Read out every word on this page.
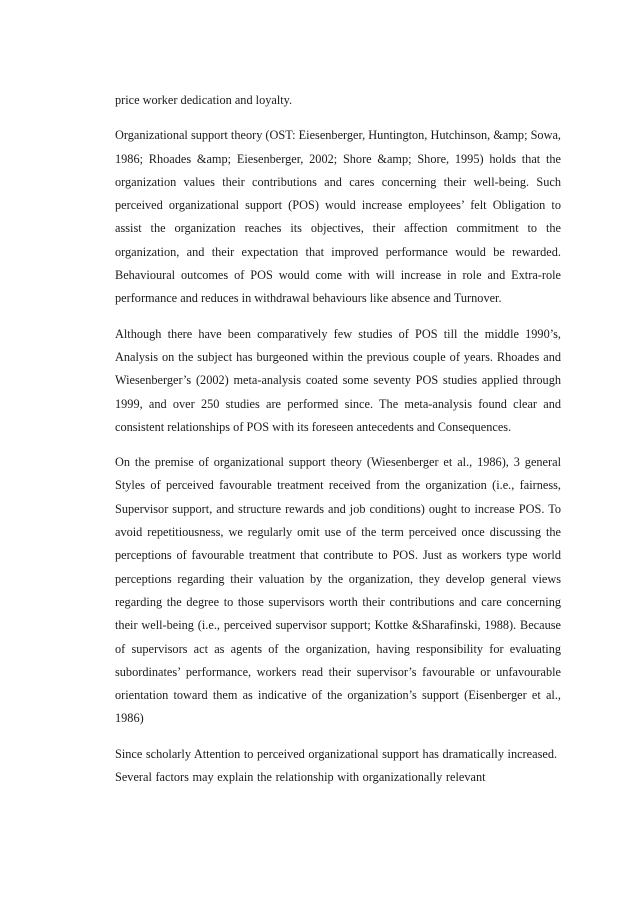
price worker dedication and loyalty.

Organizational support theory (OST: Eiesenberger, Huntington, Hutchinson, &amp; Sowa, 1986; Rhoades &amp; Eiesenberger, 2002; Shore &amp; Shore, 1995) holds that the organization values their contributions and cares concerning their well-being. Such perceived organizational support (POS) would increase employees’ felt Obligation to assist the organization reaches its objectives, their affection commitment to the organization, and their expectation that improved performance would be rewarded. Behavioural outcomes of POS would come with will increase in role and Extra-role performance and reduces in withdrawal behaviours like absence and Turnover.

Although there have been comparatively few studies of POS till the middle 1990’s, Analysis on the subject has burgeoned within the previous couple of years. Rhoades and Wiesenberger’s (2002) meta-analysis coated some seventy POS studies applied through 1999, and over 250 studies are performed since. The meta-analysis found clear and consistent relationships of POS with its foreseen antecedents and Consequences.

On the premise of organizational support theory (Wiesenberger et al., 1986), 3 general Styles of perceived favourable treatment received from the organization (i.e., fairness, Supervisor support, and structure rewards and job conditions) ought to increase POS. To avoid repetitiousness, we regularly omit use of the term perceived once discussing the perceptions of favourable treatment that contribute to POS. Just as workers type world perceptions regarding their valuation by the organization, they develop general views regarding the degree to those supervisors worth their contributions and care concerning their well-being (i.e., perceived supervisor support; Kottke &Sharafinski, 1988). Because of supervisors act as agents of the organization, having responsibility for evaluating subordinates’ performance, workers read their supervisor’s favourable or unfavourable orientation toward them as indicative of the organization’s support (Eisenberger et al., 1986)

Since scholarly Attention to perceived organizational support has dramatically increased. Several factors may explain the relationship with organizationally relevant
